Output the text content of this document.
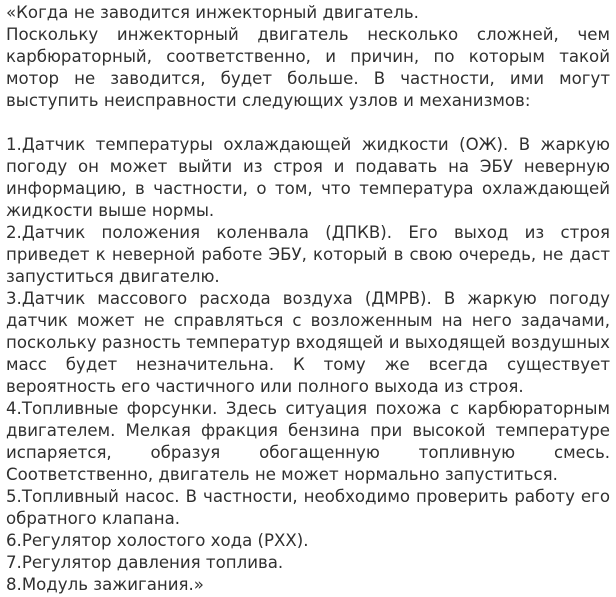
«Когда не заводится инжекторный двигатель.

Поскольку инжекторный двигатель несколько сложней, чем карбюраторный, соответственно, и причин, по которым такой мотор не заводится, будет больше. В частности, ими могут выступить неисправности следующих узлов и механизмов:

1.Датчик температуры охлаждающей жидкости (ОЖ). В жаркую погоду он может выйти из строя и подавать на ЭБУ неверную информацию, в частности, о том, что температура охлаждающей жидкости выше нормы.

2.Датчик положения коленвала (ДПКВ). Его выход из строя приведет к неверной работе ЭБУ, который в свою очередь, не даст запуститься двигателю.

3.Датчик массового расхода воздуха (ДМРВ). В жаркую погоду датчик может не справляться с возложенным на него задачами, поскольку разность температур входящей и выходящей воздушных масс будет незначительна. К тому же всегда существует вероятность его частичного или полного выхода из строя.

4.Топливные форсунки. Здесь ситуация похожа с карбюраторным двигателем. Мелкая фракция бензина при высокой температуре испаряется, образуя обогащенную топливную смесь. Соответственно, двигатель не может нормально запуститься.

5.Топливный насос. В частности, необходимо проверить работу его обратного клапана.

6.Регулятор холостого хода (РХХ).

7.Регулятор давления топлива.

8.Модуль зажигания.»
